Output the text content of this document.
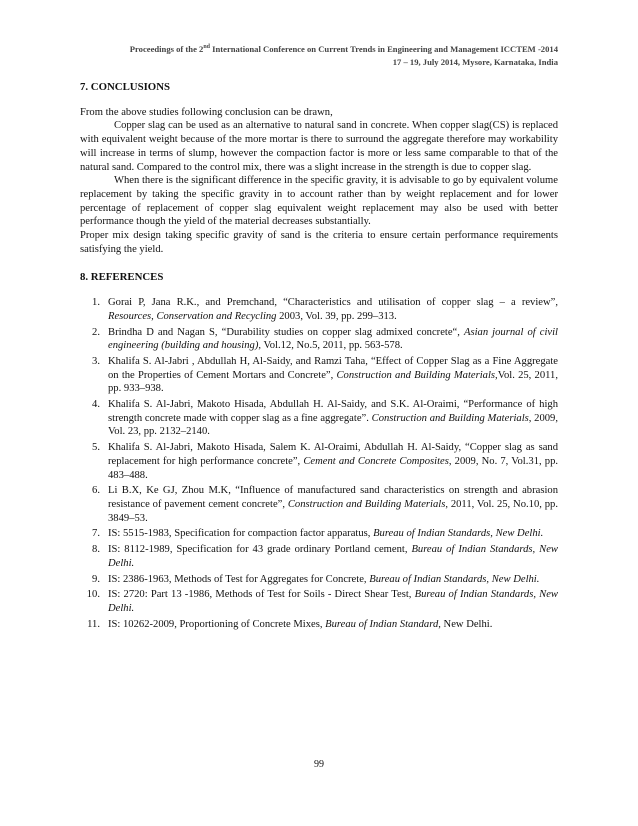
Proceedings of the 2nd International Conference on Current Trends in Engineering and Management ICCTEM -2014
17 – 19, July 2014, Mysore, Karnataka, India
7. CONCLUSIONS

From the above studies following conclusion can be drawn,

Copper slag can be used as an alternative to natural sand in concrete. When copper slag(CS) is replaced with equivalent weight because of the more mortar is there to surround the aggregate therefore may workability will increase in terms of slump, however the compaction factor is more or less same comparable to that of the natural sand. Compared to the control mix, there was a slight increase in the strength is due to copper slag.

When there is the significant difference in the specific gravity, it is advisable to go by equivalent volume replacement by taking the specific gravity in to account rather than by weight replacement and for lower percentage of replacement of copper slag equivalent weight replacement may also be used with better performance though the yield of the material decreases substantially.

Proper mix design taking specific gravity of sand is the criteria to ensure certain performance requirements satisfying the yield.

8. REFERENCES
1. Gorai P, Jana R.K., and Premchand, “Characteristics and utilisation of copper slag – a review”, Resources, Conservation and Recycling 2003, Vol. 39, pp. 299–313.
2. Brindha D and Nagan S, “Durability studies on copper slag admixed concrete“, Asian journal of civil engineering (building and housing), Vol.12, No.5, 2011, pp. 563-578.
3. Khalifa S. Al-Jabri , Abdullah H, Al-Saidy, and Ramzi Taha, “Effect of Copper Slag as a Fine Aggregate on the Properties of Cement Mortars and Concrete”, Construction and Building Materials,Vol. 25, 2011, pp. 933–938.
4. Khalifa S. Al-Jabri, Makoto Hisada, Abdullah H. Al-Saidy, and S.K. Al-Oraimi, “Performance of high strength concrete made with copper slag as a fine aggregate”. Construction and Building Materials, 2009, Vol. 23, pp. 2132–2140.
5. Khalifa S. Al-Jabri, Makoto Hisada, Salem K. Al-Oraimi, Abdullah H. Al-Saidy, “Copper slag as sand replacement for high performance concrete”, Cement and Concrete Composites, 2009, No. 7, Vol.31, pp. 483–488.
6. Li B.X, Ke GJ, Zhou M.K, “Influence of manufactured sand characteristics on strength and abrasion resistance of pavement cement concrete”, Construction and Building Materials, 2011, Vol. 25, No.10, pp. 3849–53.
7. IS: 5515-1983, Specification for compaction factor apparatus, Bureau of Indian Standards, New Delhi.
8. IS: 8112-1989, Specification for 43 grade ordinary Portland cement, Bureau of Indian Standards, New Delhi.
9. IS: 2386-1963, Methods of Test for Aggregates for Concrete, Bureau of Indian Standards, New Delhi.
10. IS: 2720: Part 13 -1986, Methods of Test for Soils - Direct Shear Test, Bureau of Indian Standards, New Delhi.
11. IS: 10262-2009, Proportioning of Concrete Mixes, Bureau of Indian Standard, New Delhi.
99
